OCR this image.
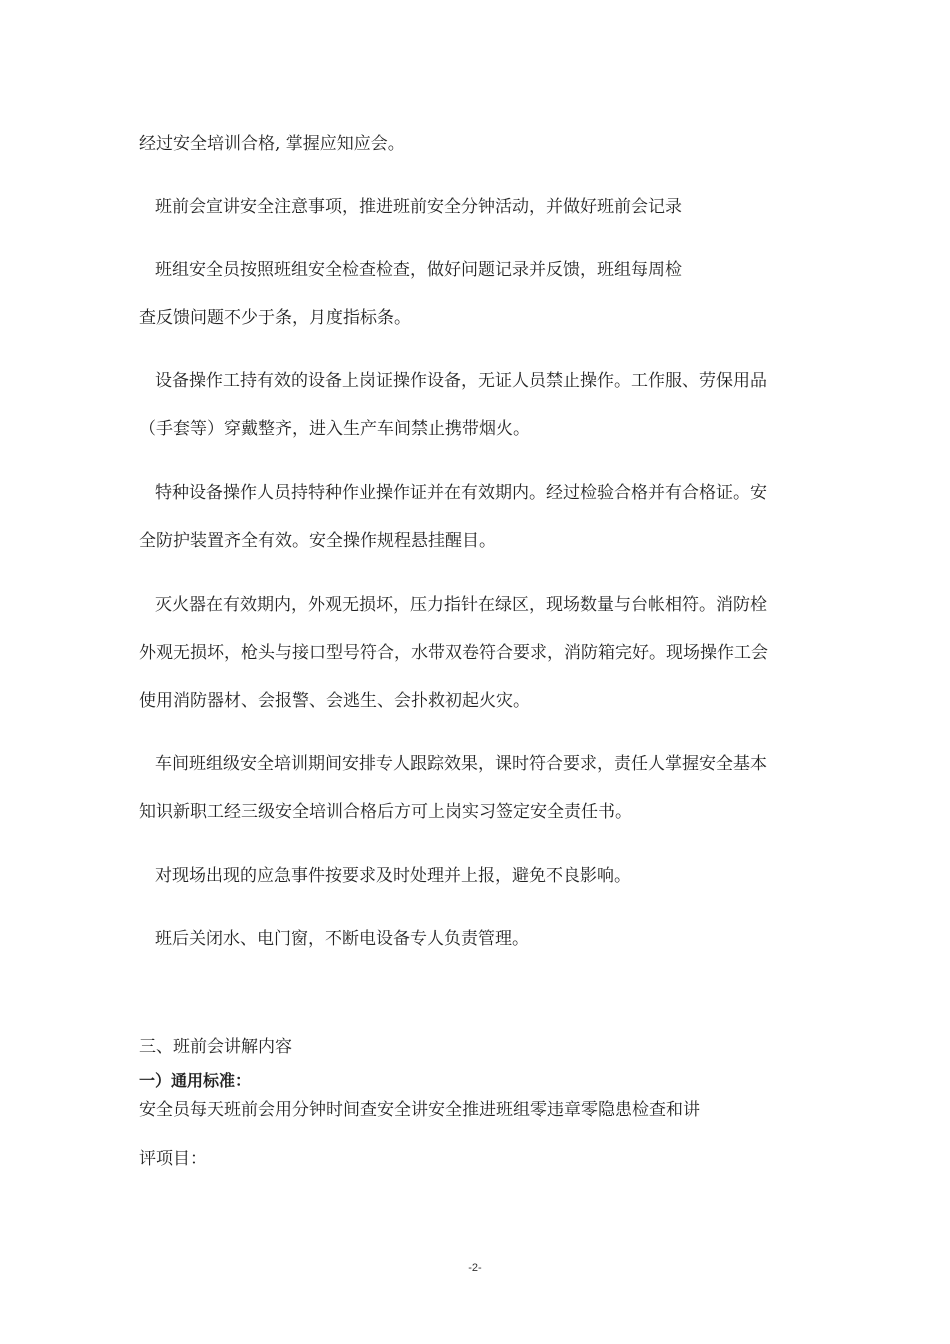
经过安全培训合格, 掌握应知应会。

班前会宣讲安全注意事项，推进班前安全分钟活动，并做好班前会记录

班组安全员按照班组安全检查检查，做好问题记录并反馈，班组每周检

查反馈问题不少于条，月度指标条。

设备操作工持有效的设备上岗证操作设备，无证人员禁止操作。工作服、劳保用品

（手套等）穿戴整齐，进入生产车间禁止携带烟火。

特种设备操作人员持特种作业操作证并在有效期内。经过检验合格并有合格证。安

全防护装置齐全有效。安全操作规程悬挂醒目。

灭火器在有效期内，外观无损坏，压力指针在绿区，现场数量与台帐相符。消防栓

外观无损坏，枪头与接口型号符合，水带双卷符合要求，消防箱完好。现场操作工会

使用消防器材、会报警、会逃生、会扑救初起火灾。

车间班组级安全培训期间安排专人跟踪效果，课时符合要求，责任人掌握安全基本

知识新职工经三级安全培训合格后方可上岗实习签定安全责任书。

对现场出现的应急事件按要求及时处理并上报，避免不良影响。

班后关闭水、电门窗，不断电设备专人负责管理。

三、班前会讲解内容

一）通用标准：

安全员每天班前会用分钟时间查安全讲安全推进班组零违章零隐患检查和讲

评项目：

-2-
